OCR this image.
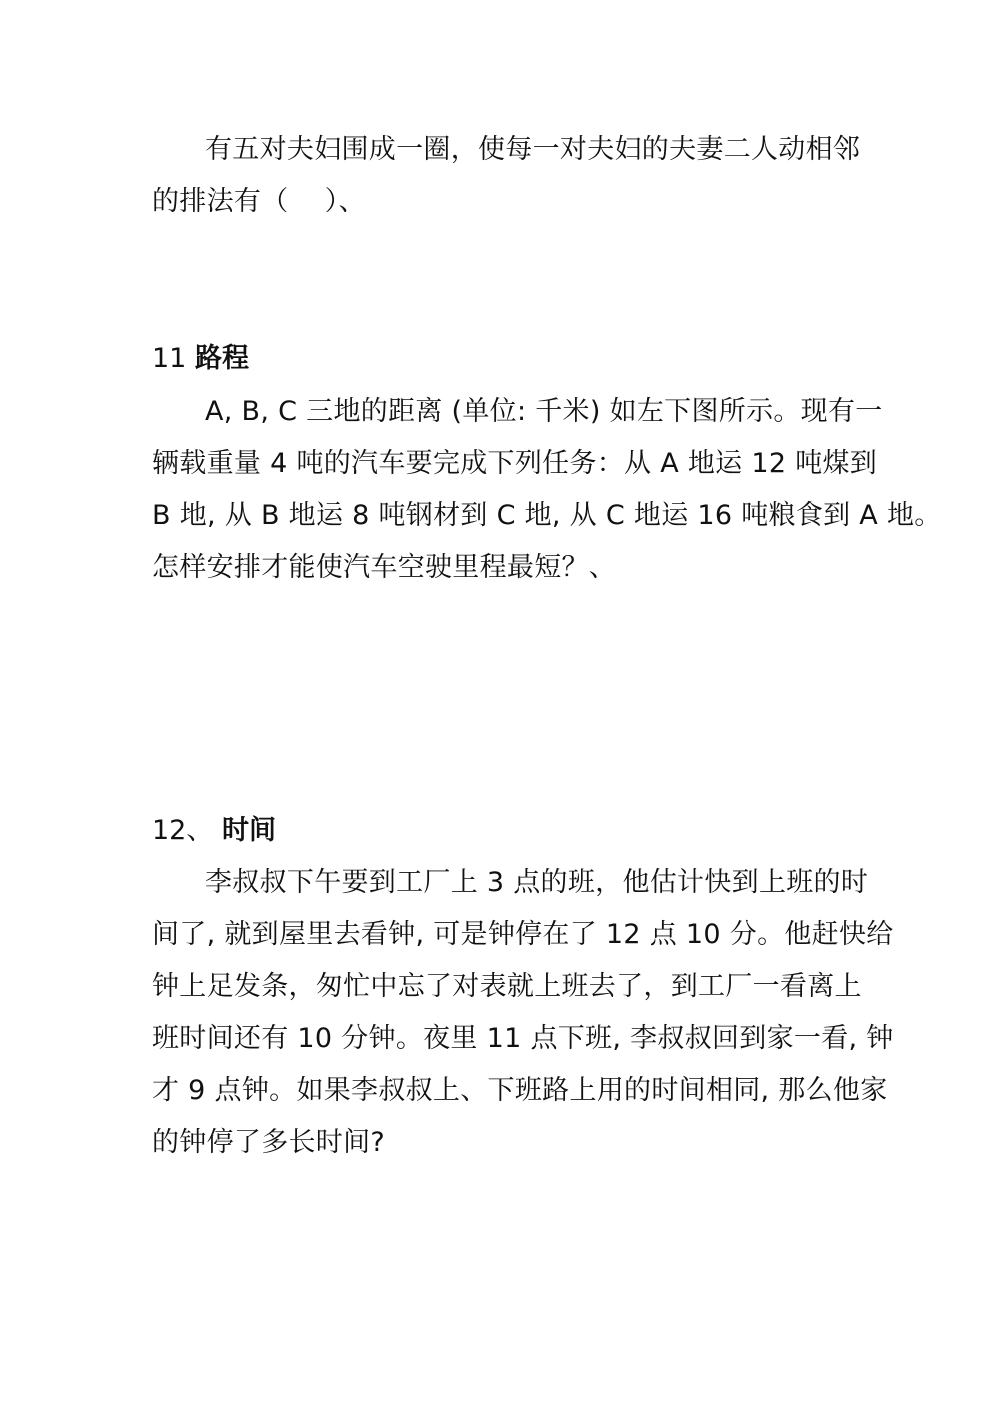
有五对夫妇围成一圈，使每一对夫妇的夫妻二人动相邻
的排法有（　 ）、
11 路程
A, B, C 三地的距离 (单位: 千米) 如左下图所示。现有一
辆载重量 4 吨的汽车要完成下列任务：从 A 地运 12 吨煤到
B 地, 从 B 地运 8 吨钢材到 C 地, 从 C 地运 16 吨粮食到 A 地。
怎样安排才能使汽车空驶里程最短？、
12、 时间
李叔叔下午要到工厂上 3 点的班，他估计快到上班的时
间了, 就到屋里去看钟, 可是钟停在了 12 点 10 分。他赶快给
钟上足发条，匆忙中忘了对表就上班去了，到工厂一看离上
班时间还有 10 分钟。夜里 11 点下班, 李叔叔回到家一看, 钟
才 9 点钟。如果李叔叔上、下班路上用的时间相同, 那么他家
的钟停了多长时间?
